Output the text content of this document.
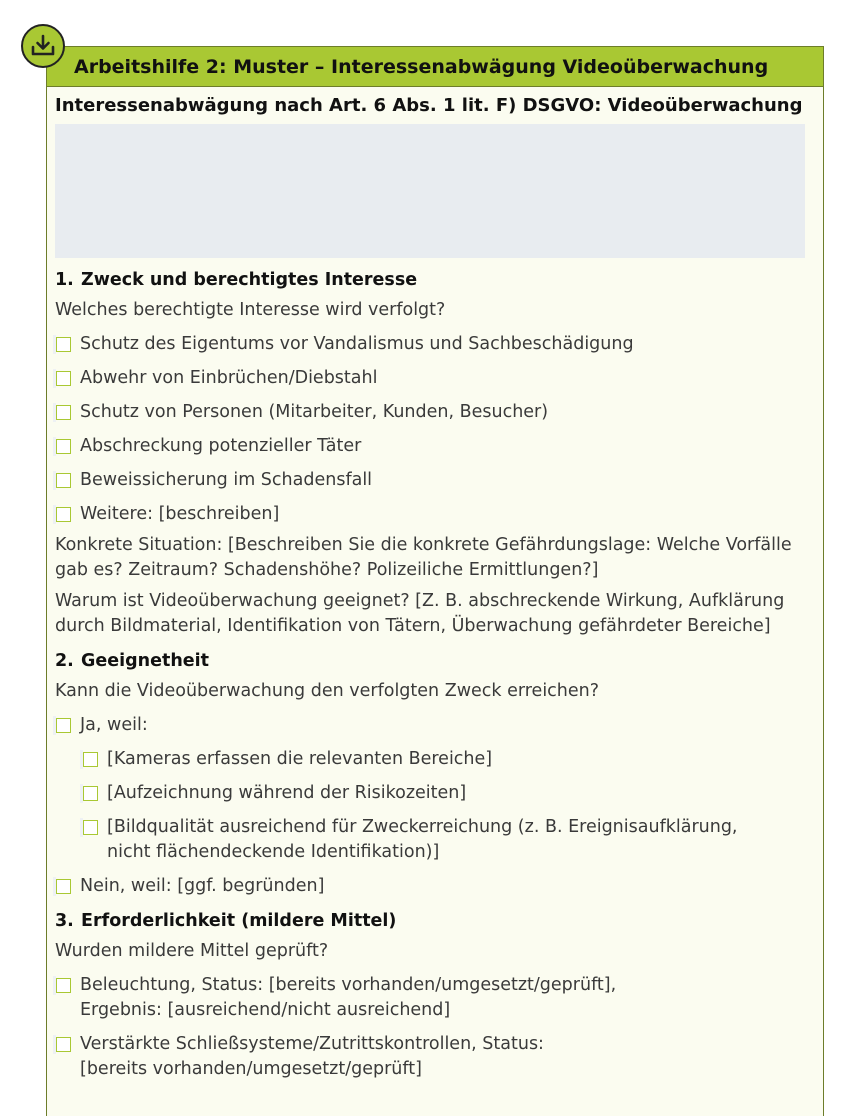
Arbeitshilfe 2: Muster – Interessenabwägung Videoüberwachung
Interessenabwägung nach Art. 6 Abs. 1 lit. F) DSGVO: Videoüberwachung
1. Zweck und berechtigtes Interesse
Welches berechtigte Interesse wird verfolgt?
Schutz des Eigentums vor Vandalismus und Sachbeschädigung
Abwehr von Einbrüchen/Diebstahl
Schutz von Personen (Mitarbeiter, Kunden, Besucher)
Abschreckung potenzieller Täter
Beweissicherung im Schadensfall
Weitere: [beschreiben]
Konkrete Situation: [Beschreiben Sie die konkrete Gefährdungslage: Welche Vorfälle gab es? Zeitraum? Schadenshöhe? Polizeiliche Ermittlungen?]
Warum ist Videoüberwachung geeignet? [Z. B. abschreckende Wirkung, Aufklärung durch Bildmaterial, Identifikation von Tätern, Überwachung gefährdeter Bereiche]
2. Geeignetheit
Kann die Videoüberwachung den verfolgten Zweck erreichen?
Ja, weil:
[Kameras erfassen die relevanten Bereiche]
[Aufzeichnung während der Risikozeiten]
[Bildqualität ausreichend für Zweckerreichung (z. B. Ereignisaufklärung, nicht flächendeckende Identifikation)]
Nein, weil: [ggf. begründen]
3. Erforderlichkeit (mildere Mittel)
Wurden mildere Mittel geprüft?
Beleuchtung, Status: [bereits vorhanden/umgesetzt/geprüft], Ergebnis: [ausreichend/nicht ausreichend]
Verstärkte Schließsysteme/Zutrittskontrollen, Status: [bereits vorhanden/umgesetzt/geprüft]
